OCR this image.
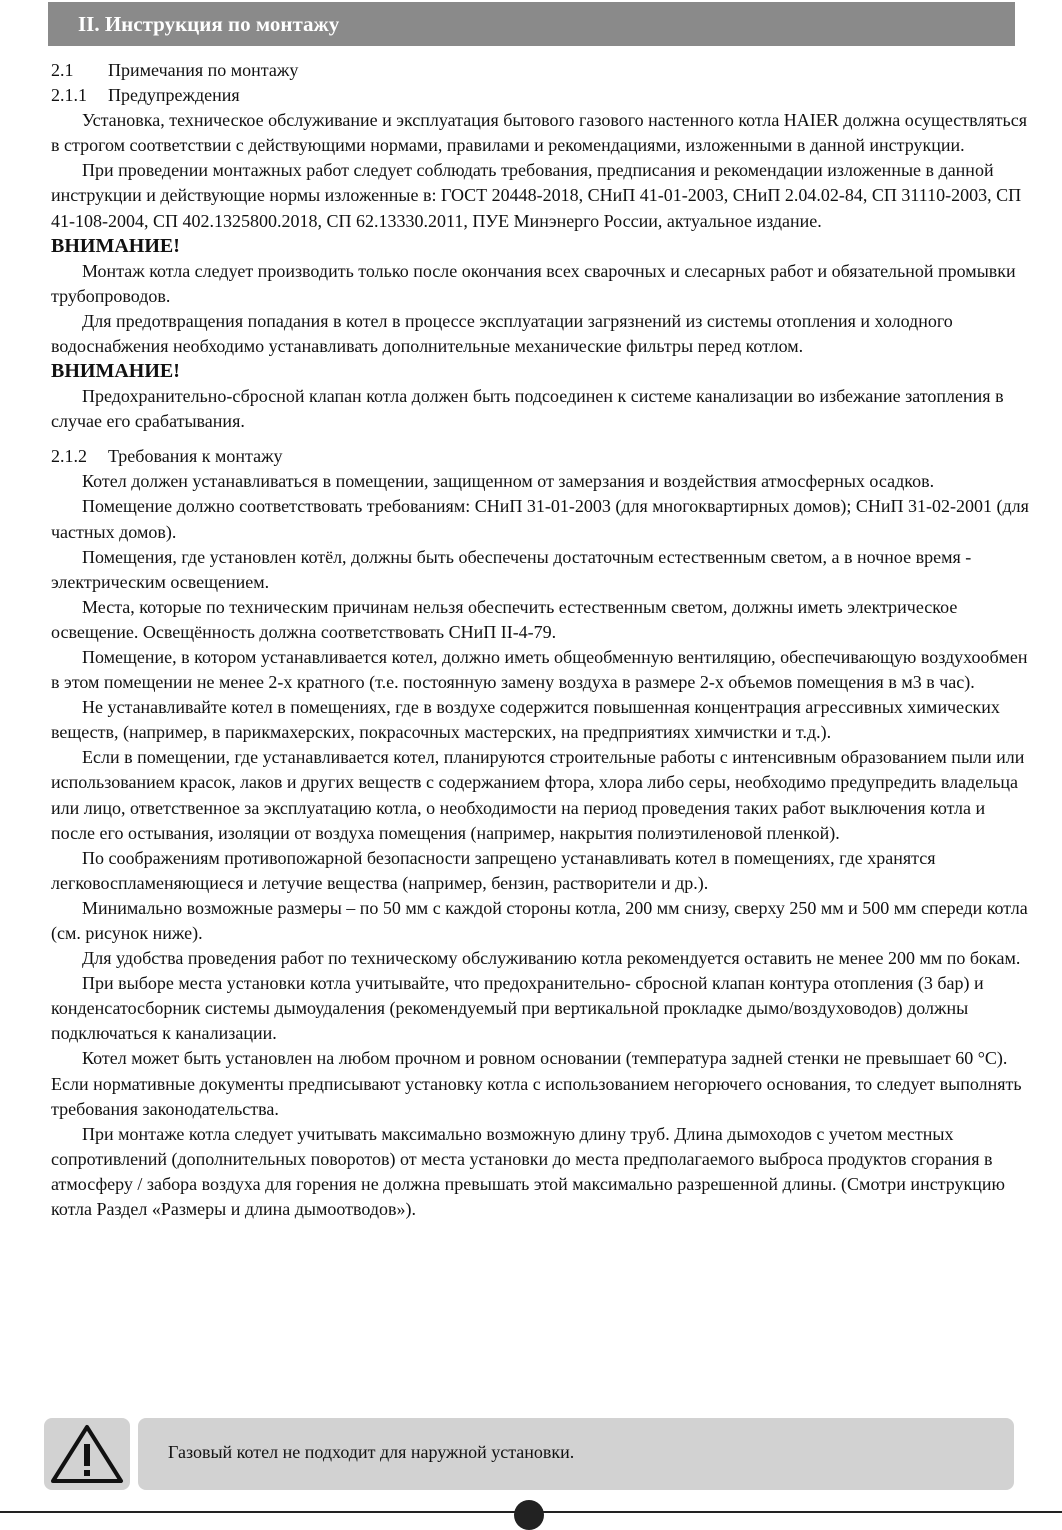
II. Инструкция по монтажу

2.1 Примечания по монтажу

2.1.1 Предупреждения

Установка, техническое обслуживание и эксплуатация бытового газового настенного котла HAIER должна осуществляться в строгом соответствии с действующими нормами, правилами и рекомендациями, изложенными в данной инструкции.

При проведении монтажных работ следует соблюдать требования, предписания и рекомендации изложенные в данной инструкции и действующие нормы изложенные в: ГОСТ 20448-2018, СНиП 41-01-2003, СНиП 2.04.02-84, СП 31110-2003, СП 41-108-2004, СП 402.1325800.2018, СП 62.13330.2011, ПУЕ Минэнерго России, актуальное издание.

ВНИМАНИЕ!

Монтаж котла следует производить только после окончания всех сварочных и слесарных работ и обязательной промывки трубопроводов.

Для предотвращения попадания в котел в процессе эксплуатации загрязнений из системы отопления и холодного водоснабжения необходимо устанавливать дополнительные механические фильтры перед котлом.

ВНИМАНИЕ!

Предохранительно-сбросной клапан котла должен быть подсоединен к системе канализации во избежание затопления в случае его срабатывания.

2.1.2 Требования к монтажу

Котел должен устанавливаться в помещении, защищенном от замерзания и воздействия атмосферных осадков.

Помещение должно соответствовать требованиям: СНиП 31-01-2003 (для многоквартирных домов); СНиП 31-02-2001 (для частных домов).

Помещения, где установлен котёл, должны быть обеспечены достаточным естественным светом, а в ночное время - электрическим освещением.

Места, которые по техническим причинам нельзя обеспечить естественным светом, должны иметь электрическое освещение. Освещённость должна соответствовать СНиП II-4-79.

Помещение, в котором устанавливается котел, должно иметь общеобменную вентиляцию, обеспечивающую воздухообмен в этом помещении не менее 2-х кратного (т.е. постоянную замену воздуха в размере 2-х объемов помещения в м3 в час).

Не устанавливайте котел в помещениях, где в воздухе содержится повышенная концентрация агрессивных химических веществ, (например, в парикмахерских, покрасочных мастерских, на предприятиях химчистки и т.д.).

Если в помещении, где устанавливается котел, планируются строительные работы с интенсивным образованием пыли или использованием красок, лаков и других веществ с содержанием фтора, хлора либо серы, необходимо предупредить владельца или лицо, ответственное за эксплуатацию котла, о необходимости на период проведения таких работ выключения котла и после его остывания, изоляции от воздуха помещения (например, накрытия полиэтиленовой пленкой).

По соображениям противопожарной безопасности запрещено устанавливать котел в помещениях, где хранятся легковоспламеняющиеся и летучие вещества (например, бензин, растворители и др.).

Минимально возможные размеры – по 50 мм с каждой стороны котла, 200 мм снизу, сверху 250 мм и 500 мм спереди котла (см. рисунок ниже).

Для удобства проведения работ по техническому обслуживанию котла рекомендуется оставить не менее 200 мм по бокам.

При выборе места установки котла учитывайте, что предохранительно- сбросной клапан контура отопления (3 бар) и конденсатосборник системы дымоудаления (рекомендуемый при вертикальной прокладке дымо/воздуховодов) должны подключаться к канализации.

Котел может быть установлен на любом прочном и ровном основании (температура задней стенки не превышает 60 °С). Если нормативные документы предписывают установку котла с использованием негорючего основания, то следует выполнять требования законодательства.

При монтаже котла следует учитывать максимально возможную длину труб. Длина дымоходов с учетом местных сопротивлений (дополнительных поворотов) от места установки до места предполагаемого выброса продуктов сгорания в атмосферу / забора воздуха для горения не должна превышать этой максимально разрешенной длины. (Смотри инструкцию котла Раздел «Размеры и длина дымоотводов»).

Газовый котел не подходит для наружной установки.
